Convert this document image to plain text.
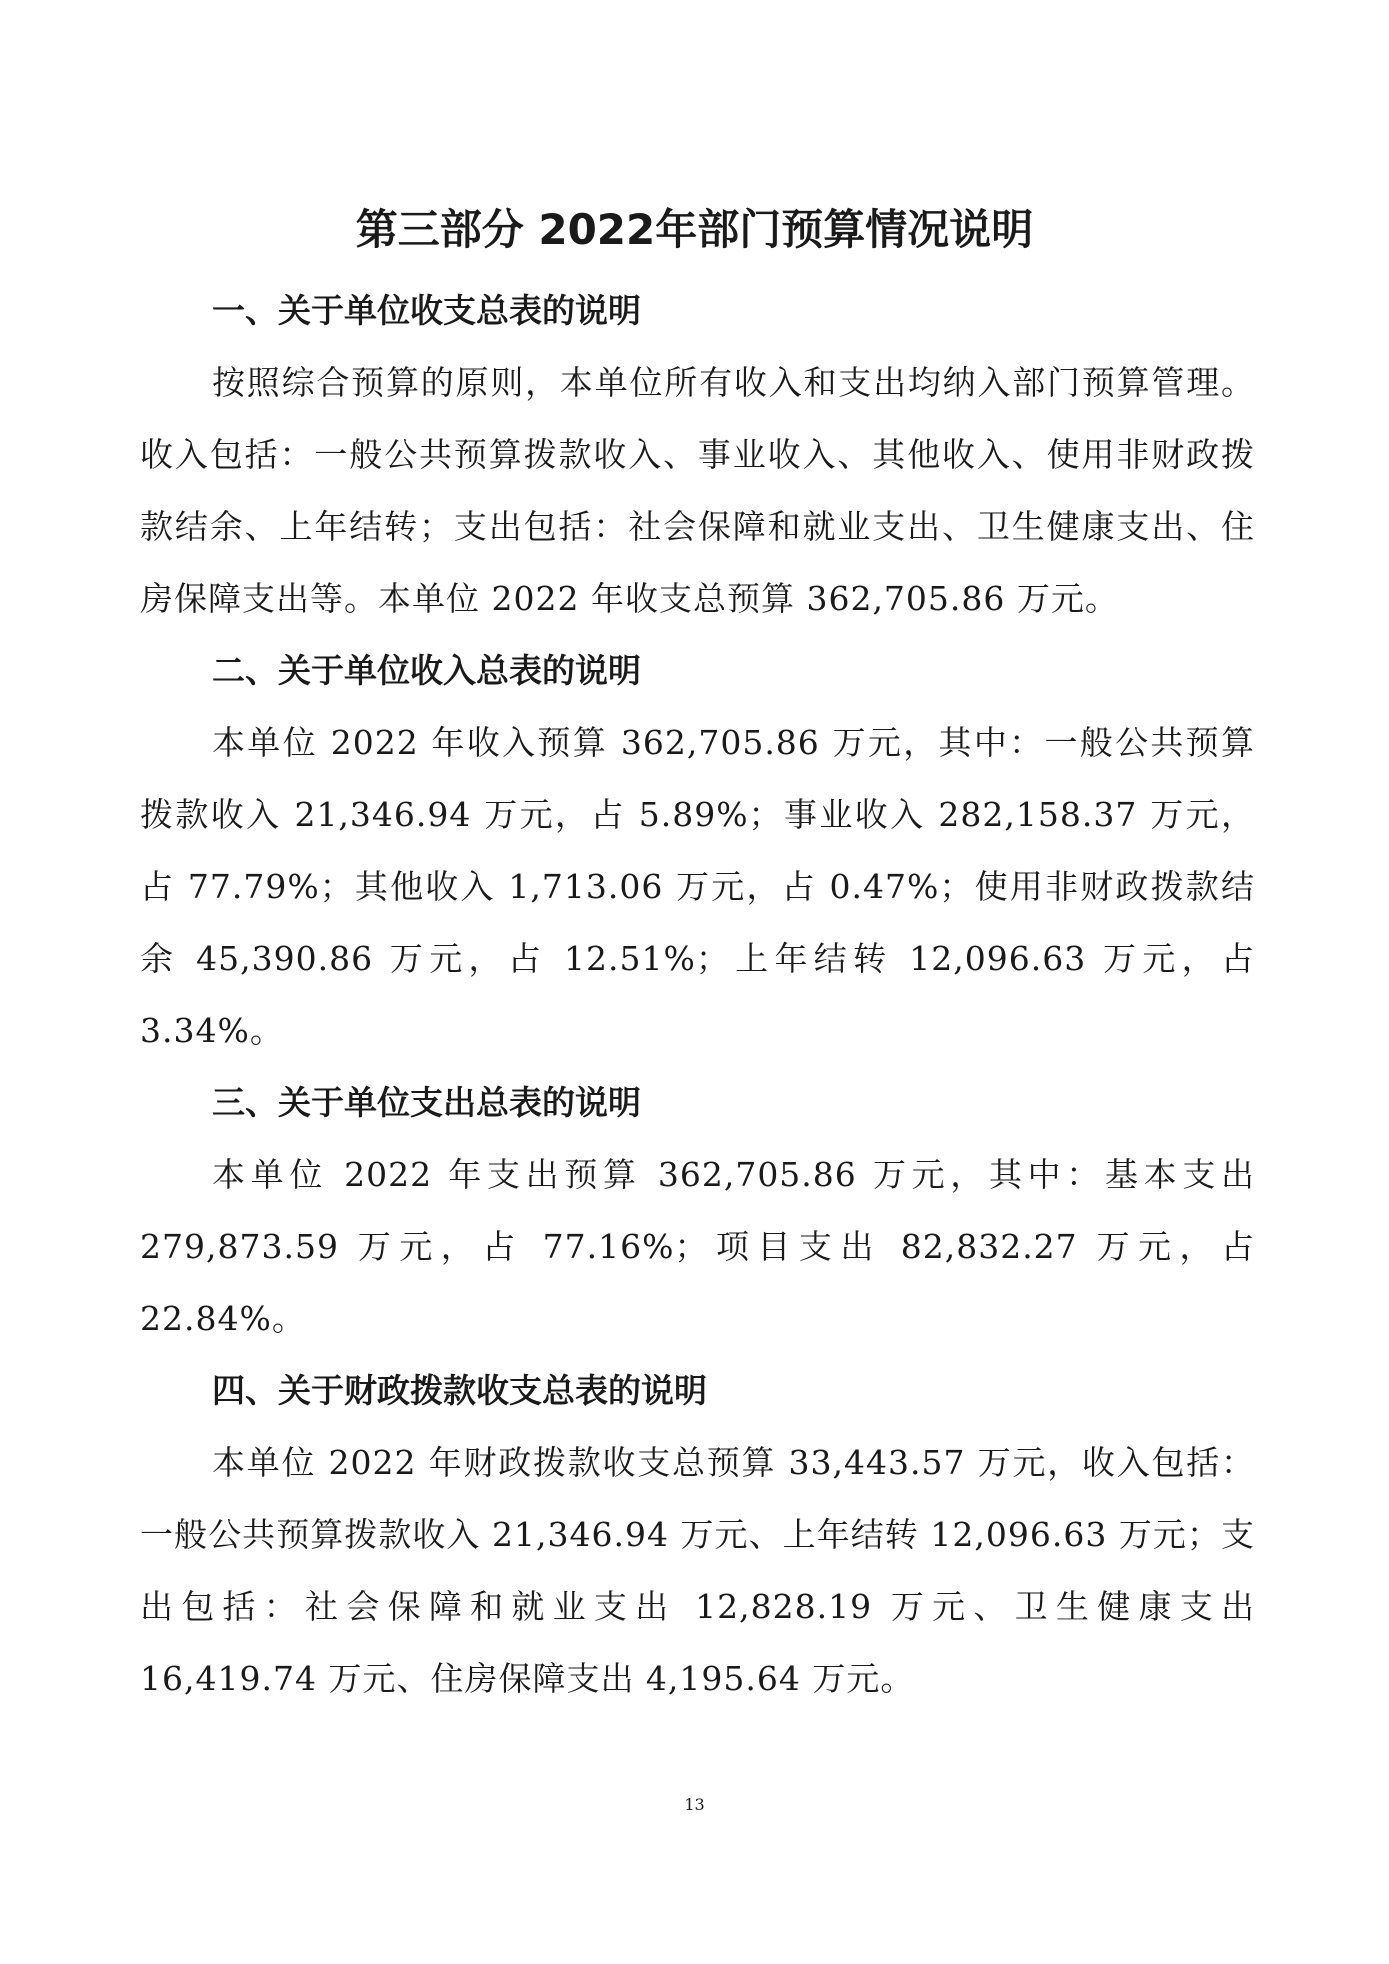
第三部分 2022年部门预算情况说明
一、关于单位收支总表的说明

按照综合预算的原则，本单位所有收入和支出均纳入部门预算管理。收入包括：一般公共预算拨款收入、事业收入、其他收入、使用非财政拨款结余、上年结转；支出包括：社会保障和就业支出、卫生健康支出、住房保障支出等。本单位 2022 年收支总预算 362,705.86 万元。

二、关于单位收入总表的说明

本单位 2022 年收入预算 362,705.86 万元，其中：一般公共预算拨款收入 21,346.94 万元，占 5.89%；事业收入 282,158.37 万元，占 77.79%；其他收入 1,713.06 万元，占 0.47%；使用非财政拨款结余 45,390.86 万元，占 12.51%；上年结转 12,096.63 万元，占 3.34%。

三、关于单位支出总表的说明

本单位 2022 年支出预算 362,705.86 万元，其中：基本支出 279,873.59 万元，占 77.16%；项目支出 82,832.27 万元，占 22.84%。

四、关于财政拨款收支总表的说明

本单位 2022 年财政拨款收支总预算 33,443.57 万元，收入包括：一般公共预算拨款收入 21,346.94 万元、上年结转 12,096.63 万元；支出包括：社会保障和就业支出 12,828.19 万元、卫生健康支出 16,419.74 万元、住房保障支出 4,195.64 万元。

13
